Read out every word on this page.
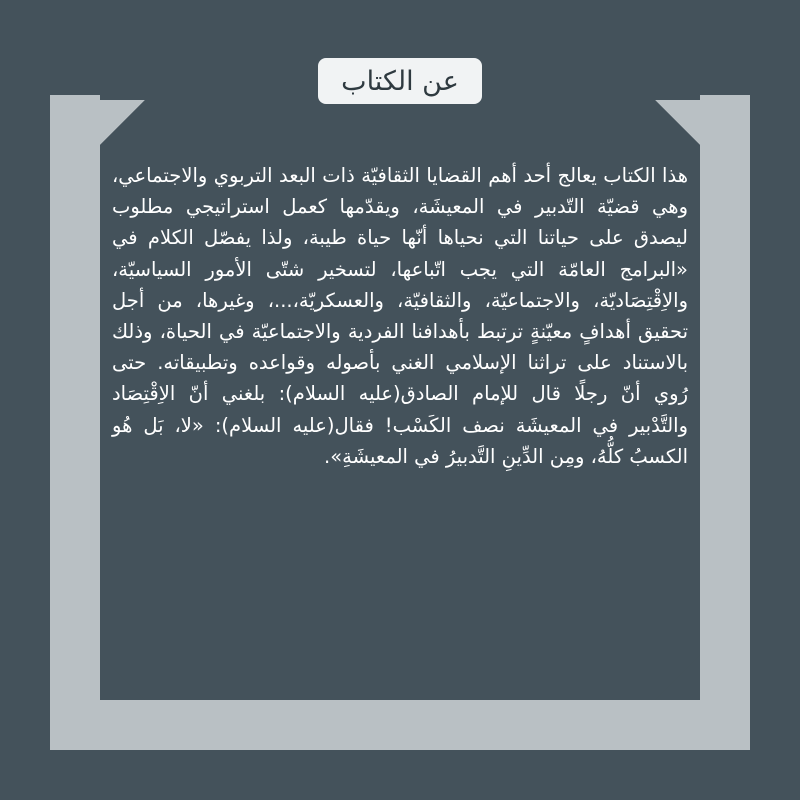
عن الكتاب

هذا الكتاب يعالج أحد أهم القضايا الثقافيّة ذات البعد التربوي والاجتماعي، وهي قضيّة التّدبير في المعيشَة، ويقدّمها كعمل استراتيجي مطلوب ليصدق على حياتنا التي نحياها أنّها حياة طيبة، ولذا يفصّل الكلام في «البرامج العامّة التي يجب اتّباعها، لتسخير شتّى الأمور السياسيّة، والاِقْتِصَاديّة، والاجتماعيّة، والثقافيّة، والعسكريّة،...، وغيرها، من أجل تحقيق أهدافٍ معيّنةٍ ترتبط بأهدافنا الفردية والاجتماعيّة في الحياة، وذلك بالاستناد على تراثنا الإسلامي الغني بأصوله وقواعده وتطبيقاته. حتى رُوي أنّ رجلًا قال للإمام الصادق(عليه السلام): بلغني أنّ الاِقْتِصَاد والتَّدْبير في المعيشَة نصف الكَسْب! فقال(عليه السلام): «لا، بَل هُو الكسبُ كلُّهُ، ومِن الدِّينِ التَّدبيرُ في المعيشَةِ».
